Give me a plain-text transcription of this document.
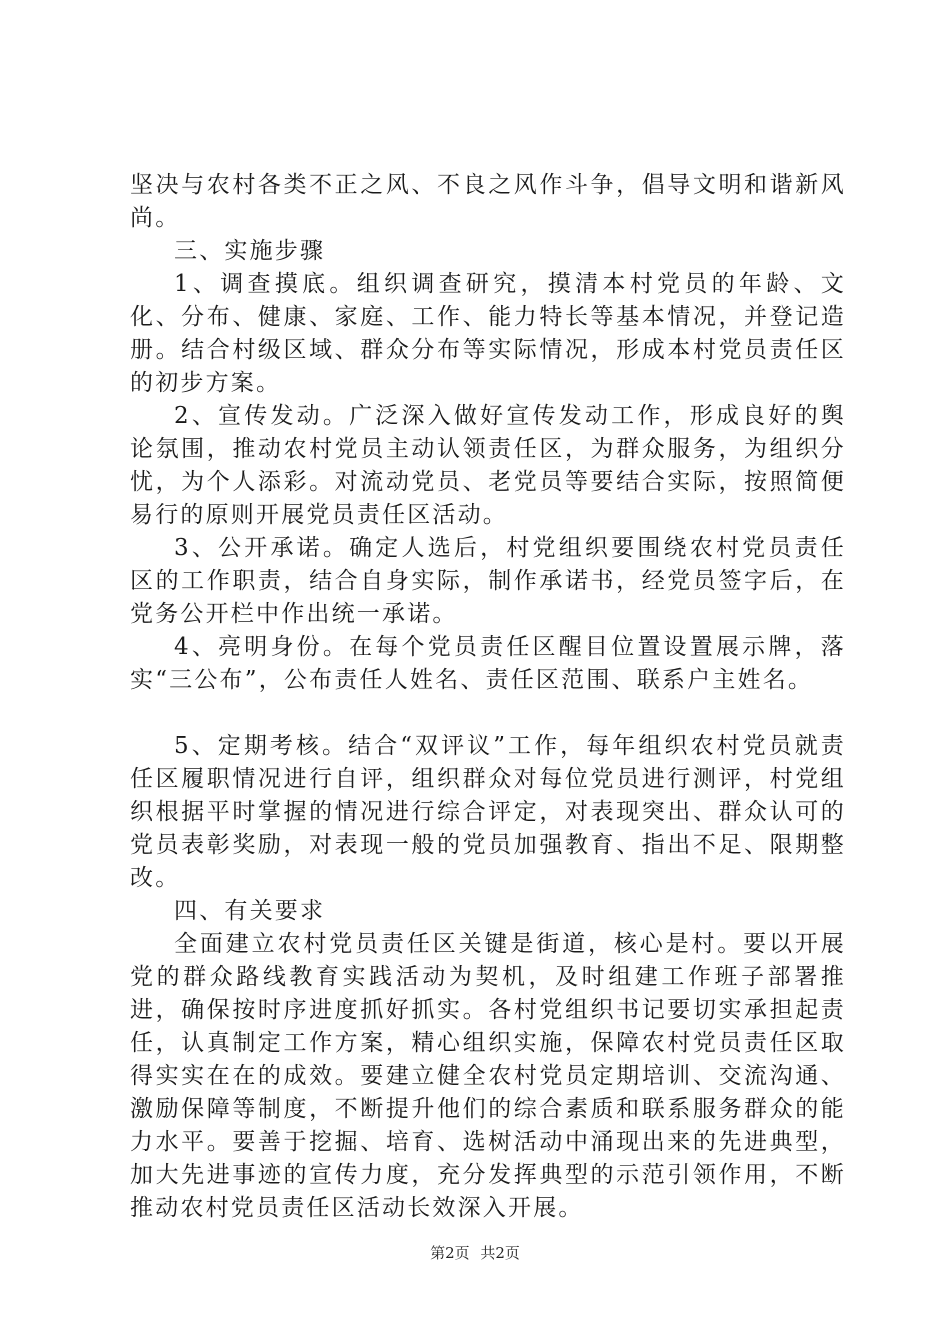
坚决与农村各类不正之风、不良之风作斗争，倡导文明和谐新风尚。

三、实施步骤

1、调查摸底。组织调查研究，摸清本村党员的年龄、文化、分布、健康、家庭、工作、能力特长等基本情况，并登记造册。结合村级区域、群众分布等实际情况，形成本村党员责任区的初步方案。

2、宣传发动。广泛深入做好宣传发动工作，形成良好的舆论氛围，推动农村党员主动认领责任区，为群众服务，为组织分忧，为个人添彩。对流动党员、老党员等要结合实际，按照简便易行的原则开展党员责任区活动。

3、公开承诺。确定人选后，村党组织要围绕农村党员责任区的工作职责，结合自身实际，制作承诺书，经党员签字后，在党务公开栏中作出统一承诺。

4、亮明身份。在每个党员责任区醒目位置设置展示牌，落实“三公布”，公布责任人姓名、责任区范围、联系户主姓名。

5、定期考核。结合“双评议”工作，每年组织农村党员就责任区履职情况进行自评，组织群众对每位党员进行测评，村党组织根据平时掌握的情况进行综合评定，对表现突出、群众认可的党员表彰奖励，对表现一般的党员加强教育、指出不足、限期整改。

四、有关要求

全面建立农村党员责任区关键是街道，核心是村。要以开展党的群众路线教育实践活动为契机，及时组建工作班子部署推进，确保按时序进度抓好抓实。各村党组织书记要切实承担起责任，认真制定工作方案，精心组织实施，保障农村党员责任区取得实实在在的成效。要建立健全农村党员定期培训、交流沟通、激励保障等制度，不断提升他们的综合素质和联系服务群众的能力水平。要善于挖掘、培育、选树活动中涌现出来的先进典型，加大先进事迹的宣传力度，充分发挥典型的示范引领作用，不断推动农村党员责任区活动长效深入开展。

第2页 共2页
